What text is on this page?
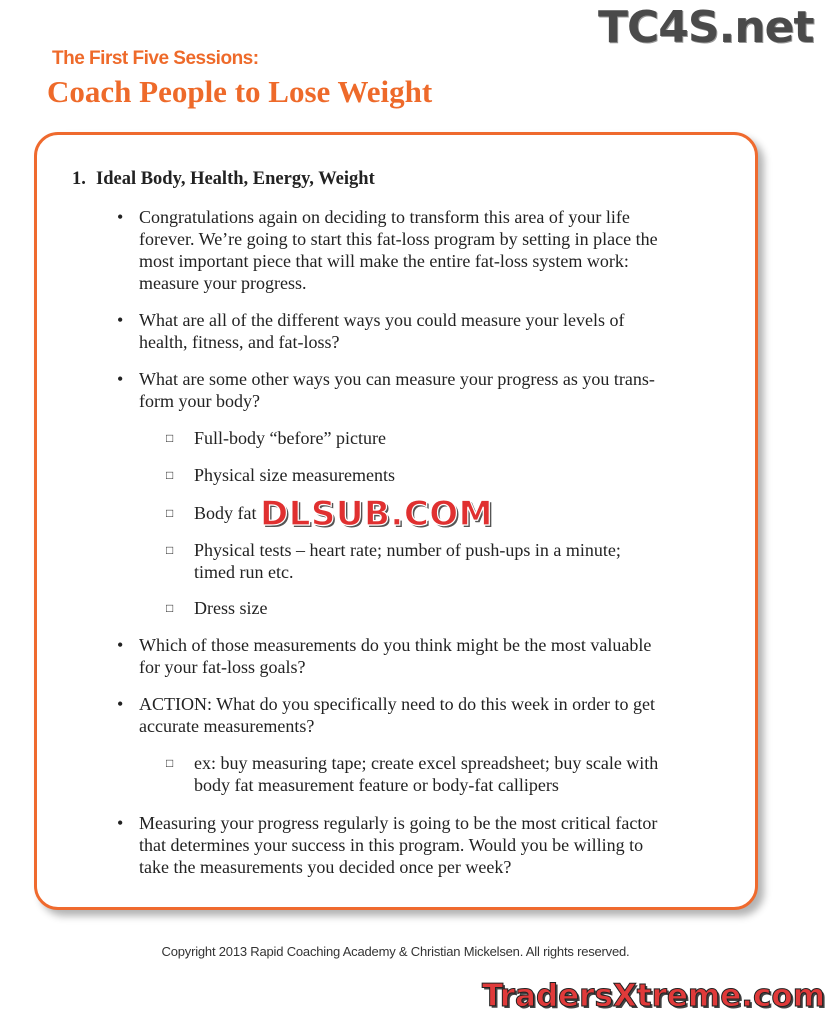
TC4S.net
The First Five Sessions:
Coach People to Lose Weight
1. Ideal Body, Health, Energy, Weight
• Congratulations again on deciding to transform this area of your life
forever. We’re going to start this fat-loss program by setting in place the
most important piece that will make the entire fat-loss system work:
measure your progress.
• What are all of the different ways you could measure your levels of
health, fitness, and fat-loss?
• What are some other ways you can measure your progress as you trans-
form your body?
□ Full-body “before” picture
□ Physical size measurements
□ Body fat
□ Physical tests – heart rate; number of push-ups in a minute;
timed run etc.
□ Dress size
• Which of those measurements do you think might be the most valuable
for your fat-loss goals?
• ACTION: What do you specifically need to do this week in order to get
accurate measurements?
□ ex: buy measuring tape; create excel spreadsheet; buy scale with
body fat measurement feature or body-fat callipers
• Measuring your progress regularly is going to be the most critical factor
that determines your success in this program. Would you be willing to
take the measurements you decided once per week?
DLSUB.COM
Copyright 2013 Rapid Coaching Academy & Christian Mickelsen. All rights reserved.
TradersXtreme.com
